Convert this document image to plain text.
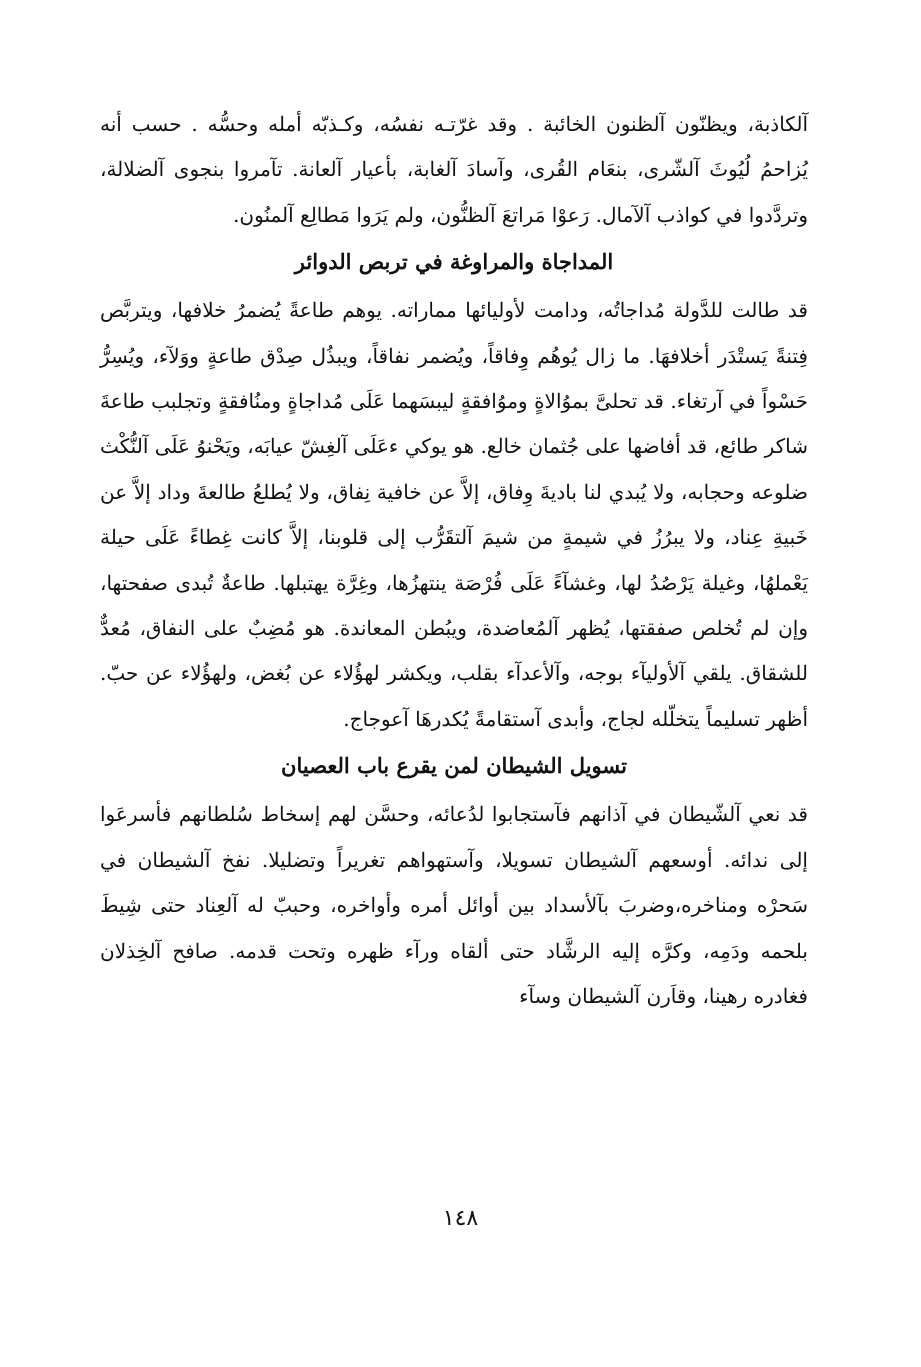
آلكاذبة، ويظنّون آلظنون الخائبة . وقد غرّتـه نفسُه، وكـذبّه أمله وحسُّه . حسب أنه يُزاحمُ لُيُوثَ آلشّرى، بنعَام القُرى، وآسادَ آلغابة، بأعيار آلعانة. تآمروا بنجوى آلضلالة، وتردَّدوا في كواذب آلآمال. رَعوْا مَراتعَ آلظنُّون، ولم يَرَوا مَطالِع آلمنُون.

المداجاة والمراوغة في تربص الدوائر

قد طالت للدَّولة مُداجاتُه، ودامت لأوليائها مماراته. يوهم طاعةً يُضمرُ خلافها، ويتربَّص فِتنةً يَستْدَر أخلافهَا. ما زال يُوهُم وِفاقاً، ويُضمر نفاقاً، ويبذُل صِدْق طاعةٍ ووَلآء، ويُسِرُّ حَسْواً في آرتغاء. قد تحلىَّ بموُالاةٍ وموُافقةٍ ليبسَهما عَلَى مُداجاةٍ ومنُافقةٍ وتجلبب طاعةَ شاكر طائع، قد أفاضها على جُثمان خالع. هو يوكي ءعَلَى آلغِشّ عيابَه، ويَحْنوُ عَلَى آلنُّكْث ضلوعه وحجابه، ولا يُبدي لنا باديةَ وِفاق، إلاَّ عن خافية نِفاق، ولا يُطلعُ طالعةَ وداد إلاَّ عن خَبيةِ عِناد، ولا يبرُزُ في شيمةٍ من شيمَ آلتقَرُّب إلى قلوبنا، إلاَّ كانت غِطاءً عَلَى حيلة يَعْملهُا، وغيلة يَرْصُدُ لها، وغشآءً عَلَى فُرْصَة ينتهزُها، وغِرَّة يهتبلها. طاعةٌ تُبدى صفحتها، وإن لم تُخلص صفقتها، يُظهر آلمُعاضدة، ويبُطن المعاندة. هو مُضِبٌ على النفاق، مُعدٌّ للشقاق. يلقي آلأوليآء بوجه، وآلأعدآء بقلب، ويكشر لهؤُلاء عن بُغض، ولهؤُلاء عن حبّ. أظهر تسليماً يتخلّله لجاج، وأبدى آستقامةً يُكدرهَا آعوجاج.

تسويل الشيطان لمن يقرع باب العصيان

قد نعي آلشّيطان في آذانهم فآستجابوا لدُعائه، وحسَّن لهم إسخاط سُلطانهم فأسرعَوا إلى ندائه. أوسعهم آلشيطان تسويلا، وآستهواهم تغريراً وتضليلا. نفخ آلشيطان في سَحرْه ومناخره،وضربَ بآلأسداد بين أوائل أمره وأواخره، وحببّ له آلعِناد حتى شِيطَ بلحمه ودَمِه، وكرَّه إليه الرشَّاد حتى ألقاه ورآء ظهره وتحت قدمه. صافح آلخِذلان فغادره رهينا، وقاَرن آلشيطان وسآء

١٤٨
